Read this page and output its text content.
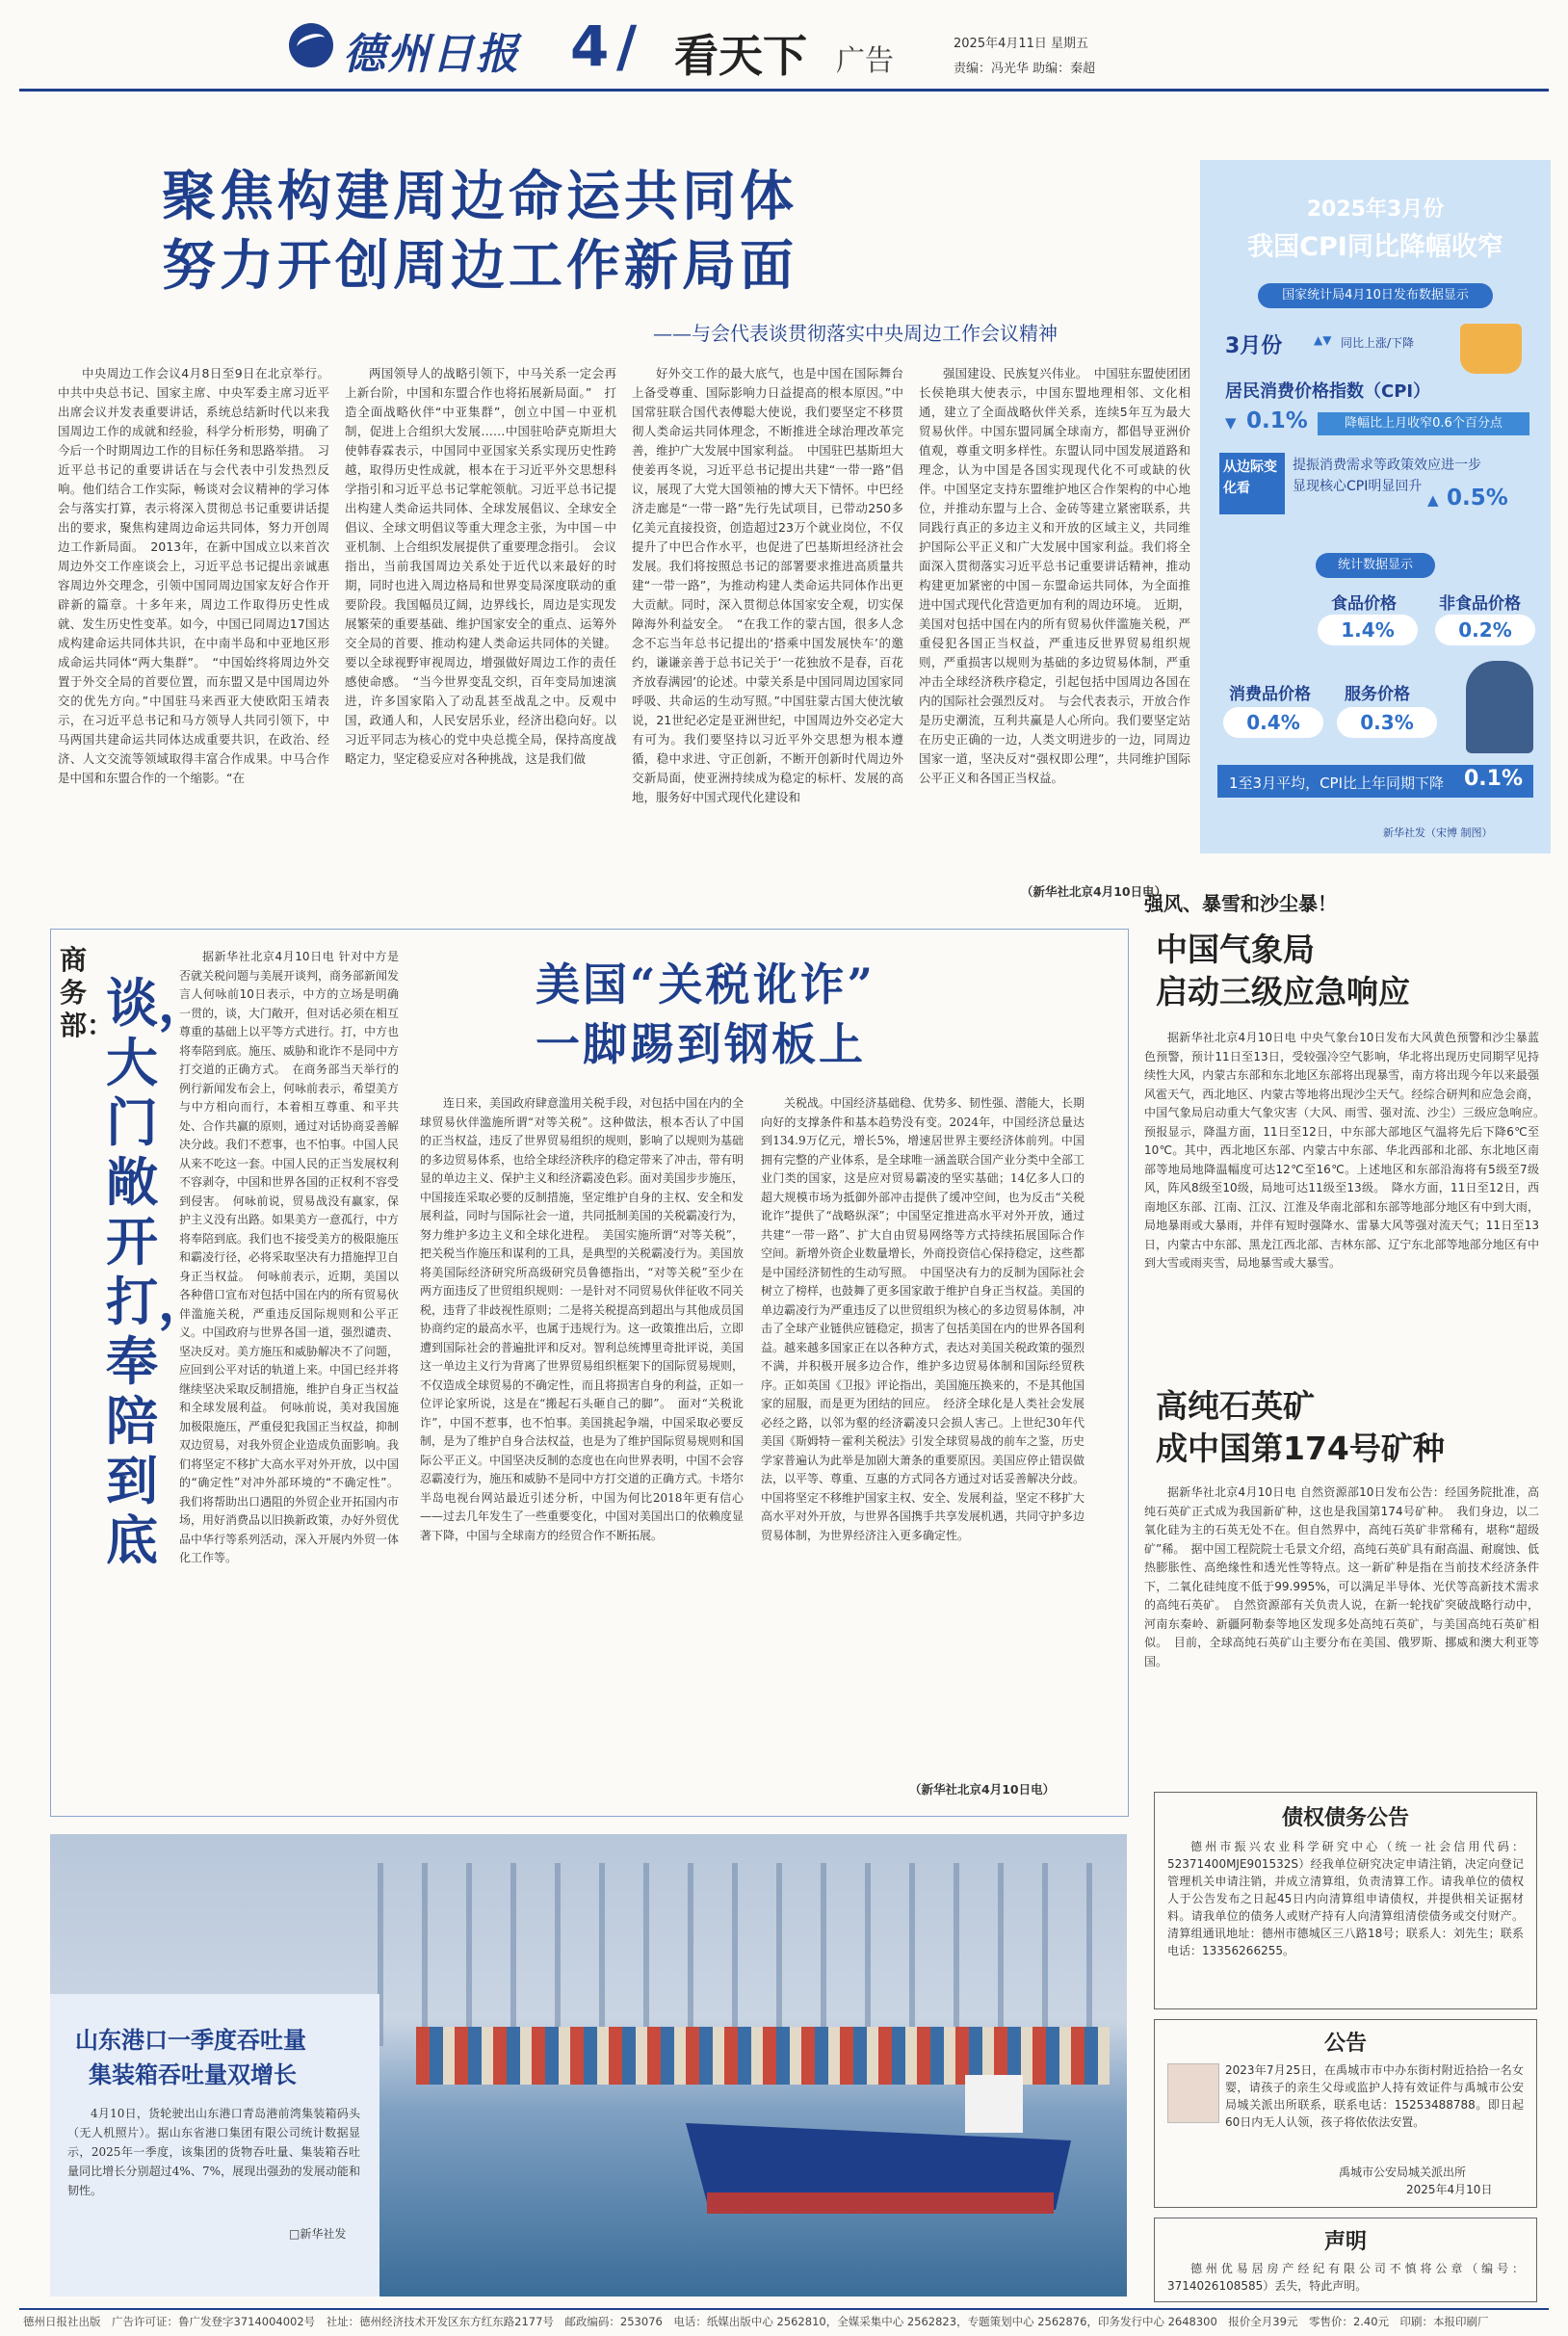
德州日报 4 / 看天下 广告
2025年4月11日 星期五
责编：冯光华 助编：秦超
聚焦构建周边命运共同体
努力开创周边工作新局面
——与会代表谈贯彻落实中央周边工作会议精神

中央周边工作会议4月8日至9日在北京举行。中共中央总书记、国家主席、中央军委主席习近平出席会议并发表重要讲话，系统总结新时代以来我国周边工作的成就和经验，科学分析形势，明确了今后一个时期周边工作的目标任务和思路举措。　习近平总书记的重要讲话在与会代表中引发热烈反响。他们结合工作实际，畅谈对会议精神的学习体会与落实打算，表示将深入贯彻总书记重要讲话提出的要求，聚焦构建周边命运共同体，努力开创周边工作新局面。　2013年，在新中国成立以来首次周边外交工作座谈会上，习近平总书记提出亲诚惠容周边外交理念，引领中国同周边国家友好合作开辟新的篇章。十多年来，周边工作取得历史性成就、发生历史性变革。如今，中国已同周边17国达成构建命运共同体共识，在中南半岛和中亚地区形成命运共同体“两大集群”。　“中国始终将周边外交置于外交全局的首要位置，而东盟又是中国周边外交的优先方向。”中国驻马来西亚大使欧阳玉靖表示，在习近平总书记和马方领导人共同引领下，中马两国共建命运共同体达成重要共识，在政治、经济、人文交流等领域取得丰富合作成果。中马合作是中国和东盟合作的一个缩影。“在

两国领导人的战略引领下，中马关系一定会再上新台阶，中国和东盟合作也将拓展新局面。”　打造全面战略伙伴“中亚集群”，创立中国－中亚机制，促进上合组织大发展……中国驻哈萨克斯坦大使韩春霖表示，中国同中亚国家关系实现历史性跨越，取得历史性成就，根本在于习近平外交思想科学指引和习近平总书记掌舵领航。习近平总书记提出构建人类命运共同体、全球发展倡议、全球安全倡议、全球文明倡议等重大理念主张，为中国－中亚机制、上合组织发展提供了重要理念指引。　会议指出，当前我国周边关系处于近代以来最好的时期，同时也进入周边格局和世界变局深度联动的重要阶段。我国幅员辽阔，边界线长，周边是实现发展繁荣的重要基础、维护国家安全的重点、运筹外交全局的首要、推动构建人类命运共同体的关键。要以全球视野审视周边，增强做好周边工作的责任感使命感。　“当今世界变乱交织，百年变局加速演进，许多国家陷入了动乱甚至战乱之中。反观中国，政通人和，人民安居乐业，经济出稳向好。以习近平同志为核心的党中央总揽全局，保持高度战略定力，坚定稳妥应对各种挑战，这是我们做

好外交工作的最大底气，也是中国在国际舞台上备受尊重、国际影响力日益提高的根本原因。”中国常驻联合国代表傅聪大使说，我们要坚定不移贯彻人类命运共同体理念，不断推进全球治理改革完善，维护广大发展中国家利益。　中国驻巴基斯坦大使姜再冬说，习近平总书记提出共建“一带一路”倡议，展现了大党大国领袖的博大天下情怀。中巴经济走廊是“一带一路”先行先试项目，已带动250多亿美元直接投资，创造超过23万个就业岗位，不仅提升了中巴合作水平，也促进了巴基斯坦经济社会发展。我们将按照总书记的部署要求推进高质量共建“一带一路”，为推动构建人类命运共同体作出更大贡献。同时，深入贯彻总体国家安全观，切实保障海外利益安全。　“在我工作的蒙古国，很多人念念不忘当年总书记提出的‘搭乘中国发展快车’的邀约，谦谦亲善于总书记关于‘一花独放不是春，百花齐放春满园’的论述。中蒙关系是中国同周边国家同呼吸、共命运的生动写照。”中国驻蒙古国大使沈敏说，21世纪必定是亚洲世纪，中国周边外交必定大有可为。我们要坚持以习近平外交思想为根本遵循，稳中求进、守正创新，不断开创新时代周边外交新局面，使亚洲持续成为稳定的标杆、发展的高地，服务好中国式现代化建设和

强国建设、民族复兴伟业。　中国驻东盟使团团长侯艳琪大使表示，中国东盟地理相邻、文化相通，建立了全面战略伙伴关系，连续5年互为最大贸易伙伴。中国东盟同属全球南方，都倡导亚洲价值观，尊重文明多样性。东盟认同中国发展道路和理念，认为中国是各国实现现代化不可或缺的伙伴。中国坚定支持东盟维护地区合作架构的中心地位，并推动东盟与上合、金砖等建立紧密联系，共同践行真正的多边主义和开放的区域主义，共同维护国际公平正义和广大发展中国家利益。我们将全面深入贯彻落实习近平总书记重要讲话精神，推动构建更加紧密的中国－东盟命运共同体，为全面推进中国式现代化营造更加有利的周边环境。　近期，美国对包括中国在内的所有贸易伙伴滥施关税，严重侵犯各国正当权益，严重违反世界贸易组织规则，严重损害以规则为基础的多边贸易体制，严重冲击全球经济秩序稳定，引起包括中国周边各国在内的国际社会强烈反对。　与会代表表示，开放合作是历史潮流，互利共赢是人心所向。我们要坚定站在历史正确的一边，人类文明进步的一边，同周边国家一道，坚决反对“强权即公理”，共同维护国际公平正义和各国正当权益。

（新华社北京4月10日电）
2025年3月份
我国CPI同比降幅收窄
国家统计局4月10日发布数据显示
3月份	▲▼ 同比上涨/下降
居民消费价格指数（CPI）
▼ 0.1%	降幅比上月收窄0.6个百分点
从边际变化看
提振消费需求等政策效应进一步显现核心CPI明显回升
▲ 0.5%
统计数据显示
食品价格
1.4%
非食品价格
0.2%
消费品价格
0.4%
服务价格
0.3%
1至3月平均，CPI比上年同期下降 0.1%
新华社发（宋博 制图）
商务部：
谈，大门敞开 打，奉陪到底

据新华社北京4月10日电 针对中方是否就关税问题与美展开谈判，商务部新闻发言人何咏前10日表示，中方的立场是明确一贯的，谈，大门敞开，但对话必须在相互尊重的基础上以平等方式进行。打，中方也将奉陪到底。施压、威胁和讹诈不是同中方打交道的正确方式。　在商务部当天举行的例行新闻发布会上，何咏前表示，希望美方与中方相向而行，本着相互尊重、和平共处、合作共赢的原则，通过对话协商妥善解决分歧。我们不惹事，也不怕事。中国人民从来不吃这一套。中国人民的正当发展权利不容剥夺，中国和世界各国的正权利不容受到侵害。　何咏前说，贸易战没有赢家，保护主义没有出路。如果美方一意孤行，中方将奉陪到底。我们也不接受美方的极限施压和霸凌行径，必将采取坚决有力措施捍卫自身正当权益。　何咏前表示，近期，美国以各种借口宣布对包括中国在内的所有贸易伙伴滥施关税，严重违反国际规则和公平正义。中国政府与世界各国一道，强烈谴责、坚决反对。美方施压和威胁解决不了问题，应回到公平对话的轨道上来。中国已经并将继续坚决采取反制措施，维护自身正当权益和全球发展利益。　何咏前说，美对我国施加极限施压，严重侵犯我国正当权益，抑制双边贸易，对我外贸企业造成负面影响。我们将坚定不移扩大高水平对外开放，以中国的“确定性”对冲外部环境的“不确定性”。我们将帮助出口遇阻的外贸企业开拓国内市场，用好消费品以旧换新政策，办好外贸优品中华行等系列活动，深入开展内外贸一体化工作等。

美国“关税讹诈”
一脚踢到钢板上

连日来，美国政府肆意滥用关税手段，对包括中国在内的全球贸易伙伴滥施所谓“对等关税”。这种做法，根本否认了中国的正当权益，违反了世界贸易组织的规则，影响了以规则为基础的多边贸易体系，也给全球经济秩序的稳定带来了冲击，带有明显的单边主义、保护主义和经济霸凌色彩。面对美国步步施压，中国接连采取必要的反制措施，坚定维护自身的主权、安全和发展利益，同时与国际社会一道，共同抵制美国的关税霸凌行为，努力维护多边主义和全球化进程。　美国实施所谓“对等关税”，把关税当作施压和谋利的工具，是典型的关税霸凌行为。美国放将美国际经济研究所高级研究员鲁德指出，“对等关税”至少在两方面违反了世贸组织规则：一是针对不同贸易伙伴征收不同关税，违背了非歧视性原则；二是将关税提高到超出与其他成员国协商约定的最高水平，也属于违规行为。这一政策推出后，立即遭到国际社会的普遍批评和反对。智利总统博里奇批评说，美国这一单边主义行为背离了世界贸易组织框架下的国际贸易规则，不仅造成全球贸易的不确定性，而且将损害自身的利益，正如一位评论家所说，这是在“搬起石头砸自己的脚”。　面对“关税讹诈”，中国不惹事，也不怕事。美国挑起争端，中国采取必要反制，是为了维护自身合法权益，也是为了维护国际贸易规则和国际公平正义。中国坚决反制的态度也在向世界表明，中国不会容忍霸凌行为，施压和威胁不是同中方打交道的正确方式。卡塔尔半岛电视台网站最近引述分析，中国为何比2018年更有信心——过去几年发生了一些重要变化，中国对美国出口的依赖度显著下降，中国与全球南方的经贸合作不断拓展。

关税战。中国经济基础稳、优势多、韧性强、潜能大，长期向好的支撑条件和基本趋势没有变。2024年，中国经济总量达到134.9万亿元，增长5%，增速居世界主要经济体前列。中国拥有完整的产业体系，是全球唯一涵盖联合国产业分类中全部工业门类的国家，这是应对贸易霸凌的坚实基础；14亿多人口的超大规模市场为抵御外部冲击提供了缓冲空间，也为反击“关税讹诈”提供了“战略纵深”；中国坚定推进高水平对外开放，通过共建“一带一路”、扩大自由贸易网络等方式持续拓展国际合作空间。新增外资企业数量增长，外商投资信心保持稳定，这些都是中国经济韧性的生动写照。　中国坚决有力的反制为国际社会树立了榜样，也鼓舞了更多国家敢于维护自身正当权益。美国的单边霸凌行为严重违反了以世贸组织为核心的多边贸易体制，冲击了全球产业链供应链稳定，损害了包括美国在内的世界各国利益。越来越多国家正在以各种方式，表达对美国关税政策的强烈不满，并积极开展多边合作，维护多边贸易体制和国际经贸秩序。正如英国《卫报》评论指出，美国施压换来的，不是其他国家的屈服，而是更为团结的回应。　经济全球化是人类社会发展必经之路，以邻为壑的经济霸凌只会损人害己。上世纪30年代美国《斯姆特－霍利关税法》引发全球贸易战的前车之鉴，历史学家普遍认为此举是加剧大萧条的重要原因。美国应停止错误做法，以平等、尊重、互惠的方式同各方通过对话妥善解决分歧。中国将坚定不移维护国家主权、安全、发展利益，坚定不移扩大高水平对外开放，与世界各国携手共享发展机遇，共同守护多边贸易体制，为世界经济注入更多确定性。

（新华社北京4月10日电）
山东港口一季度吞吐量
集装箱吞吐量双增长

4月10日，货轮驶出山东港口青岛港前湾集装箱码头（无人机照片）。据山东省港口集团有限公司统计数据显示，2025年一季度，该集团的货物吞吐量、集装箱吞吐量同比增长分别超过4%、7%，展现出强劲的发展动能和韧性。

□新华社发
强风、暴雪和沙尘暴！
中国气象局
启动三级应急响应

据新华社北京4月10日电 中央气象台10日发布大风黄色预警和沙尘暴蓝色预警，预计11日至13日，受较强冷空气影响，华北将出现历史同期罕见持续性大风，内蒙古东部和东北地区东部将出现暴雪，南方将出现今年以来最强风雹天气，西北地区、内蒙古等地将出现沙尘天气。经综合研判和应急会商，中国气象局启动重大气象灾害（大风、雨雪、强对流、沙尘）三级应急响应。　预报显示，降温方面，11日至12日，中东部大部地区气温将先后下降6℃至10℃。其中，西北地区东部、内蒙古中东部、华北西部和北部、东北地区南部等地局地降温幅度可达12℃至16℃。上述地区和东部沿海将有5级至7级风，阵风8级至10级，局地可达11级至13级。　降水方面，11日至12日，西南地区东部、江南、江汉、江淮及华南北部和东部等地部分地区有中到大雨，局地暴雨或大暴雨，并伴有短时强降水、雷暴大风等强对流天气；11日至13日，内蒙古中东部、黑龙江西北部、吉林东部、辽宁东北部等地部分地区有中到大雪或雨夹雪，局地暴雪或大暴雪。

高纯石英矿
成中国第174号矿种

据新华社北京4月10日电 自然资源部10日发布公告：经国务院批准，高纯石英矿正式成为我国新矿种，这也是我国第174号矿种。　我们身边，以二氧化硅为主的石英无处不在。但自然界中，高纯石英矿非常稀有，堪称“超级矿”稀。　据中国工程院院士毛景文介绍，高纯石英矿具有耐高温、耐腐蚀、低热膨胀性、高绝缘性和透光性等特点。这一新矿种是指在当前技术经济条件下，二氧化硅纯度不低于99.995%，可以满足半导体、光伏等高新技术需求的高纯石英矿。　自然资源部有关负责人说，在新一轮找矿突破战略行动中，河南东秦岭、新疆阿勒泰等地区发现多处高纯石英矿，与美国高纯石英矿相似。　目前，全球高纯石英矿山主要分布在美国、俄罗斯、挪威和澳大利亚等国。

债权债务公告

德州市振兴农业科学研究中心（统一社会信用代码：52371400MJE901532S）经我单位研究决定申请注销，决定向登记管理机关申请注销，并成立清算组，负责清算工作。请我单位的债权人于公告发布之日起45日内向清算组申请债权，并提供相关证据材料。请我单位的债务人或财产持有人向清算组清偿债务或交付财产。清算组通讯地址：德州市德城区三八路18号；联系人：刘先生；联系电话：13356266255。

公告

2023年7月25日，在禹城市市中办东街村附近拾拾一名女婴，请孩子的亲生父母或监护人持有效证件与禹城市公安局城关派出所联系，联系电话：15253488788。即日起60日内无人认领，孩子将依依法安置。

禹城市公安局城关派出所
2025年4月10日
声明

德州优易居房产经纪有限公司不慎将公章（编号：3714026108585）丢失，特此声明。

德州日报社出版　广告许可证：鲁广发登字3714004002号　社址：德州经济技术开发区东方红东路2177号　邮政编码：253076　电话：纸媒出版中心 2562810，全媒采集中心 2562823，专题策划中心 2562876，印务发行中心 2648300　报价全月39元　零售价：2.40元　印刷：本报印刷厂
